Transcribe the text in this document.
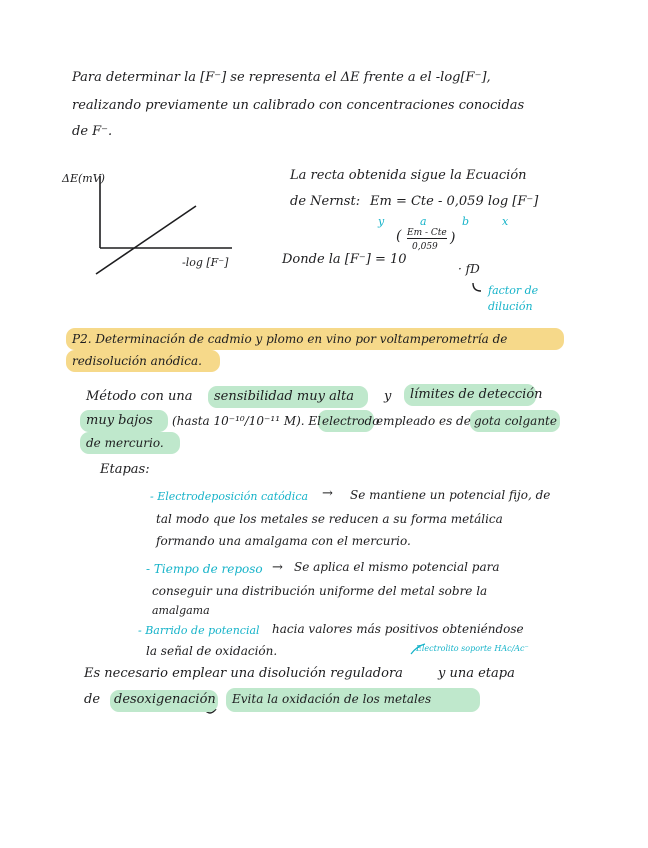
Para determinar la [F⁻] se representa el ΔE frente a el -log[F⁻],
realizando previamente un calibrado con concentraciones conocidas
de F⁻.
ΔE(mV)
-log [F⁻]
La recta obtenida sigue la Ecuación
de Nernst: Em = Cte - 0,059 log [F⁻]
y	a	b	x
Donde la [F⁻] = 10
( Em - Cte
0,059
)
· fD
factor de
dilución
P2. Determinación de cadmio y plomo en vino por voltamperometría de
redisolución anódica.
Método con una sensibilidad muy alta y límites de detección
muy bajos (hasta 10⁻¹⁰/10⁻¹¹ M). El electrodo
empleado es de gota colgante
de mercurio.
Etapas:
- Electrodeposición catódica → Se mantiene un potencial fijo, de
tal modo que los metales se reducen a su forma metálica
formando una amalgama con el mercurio.
- Tiempo de reposo → Se aplica el mismo potencial para
conseguir una distribución uniforme del metal sobre la
amalgama
- Barrido de potencial hacia valores más positivos obteniéndose
la señal de oxidación.	Electrolito soporte HAc/Ac⁻
Es necesario emplear una disolución reguladora	y una etapa
de desoxigenación Evita la oxidación de los metales
